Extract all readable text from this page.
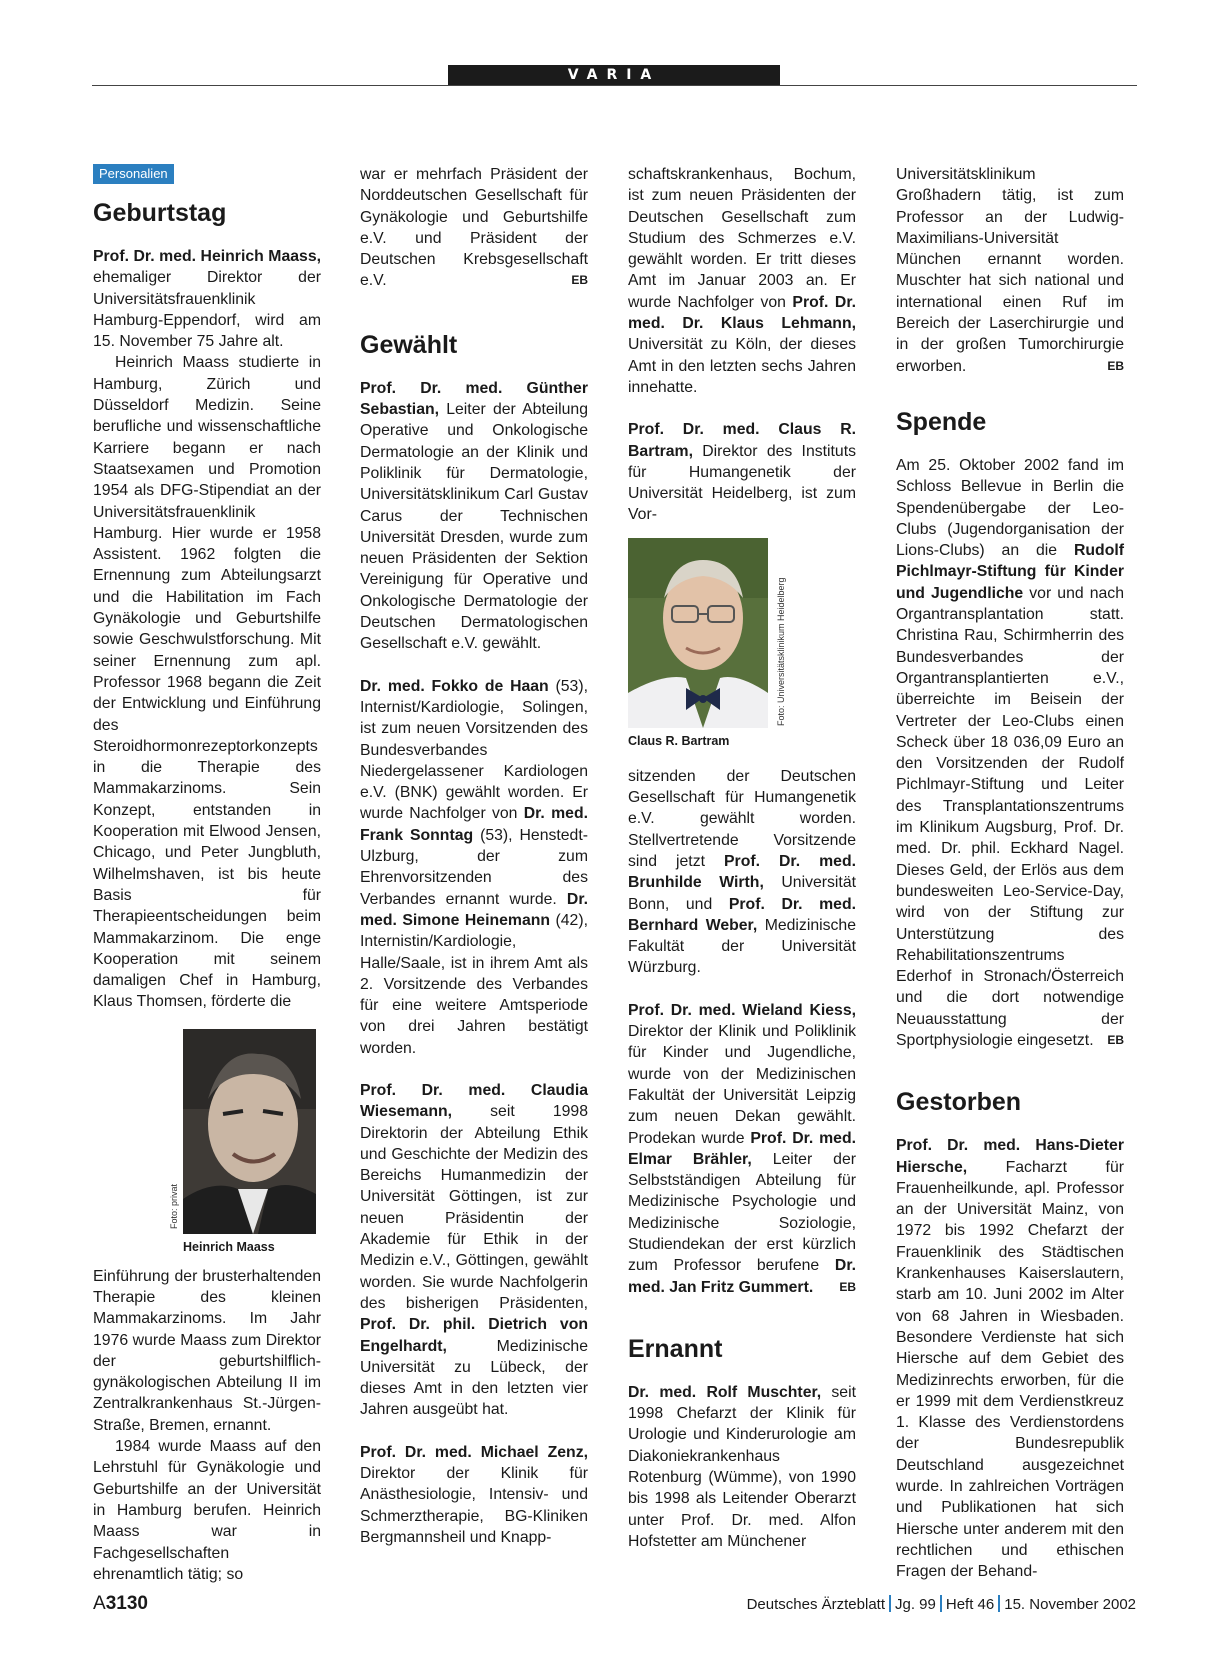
VARIA
Personalien
Geburtstag

Prof. Dr. med. Heinrich Maass, ehemaliger Direktor der Universitätsfrauenklinik Hamburg-Eppendorf, wird am 15. November 75 Jahre alt.

Heinrich Maass studierte in Hamburg, Zürich und Düsseldorf Medizin. Seine berufliche und wissenschaftliche Karriere begann er nach Staatsexamen und Promotion 1954 als DFG-Stipendiat an der Universitätsfrauenklinik Hamburg. Hier wurde er 1958 Assistent. 1962 folgten die Ernennung zum Abteilungsarzt und die Habilitation im Fach Gynäkologie und Geburtshilfe sowie Geschwulstforschung. Mit seiner Ernennung zum apl. Professor 1968 begann die Zeit der Entwicklung und Einführung des Steroidhormonrezeptorkonzepts in die Therapie des Mammakarzinoms. Sein Konzept, entstanden in Kooperation mit Elwood Jensen, Chicago, und Peter Jungbluth, Wilhelmshaven, ist bis heute Basis für Therapieentscheidungen beim Mammakarzinom. Die enge Kooperation mit seinem damaligen Chef in Hamburg, Klaus Thomsen, förderte die

Foto: privat
Heinrich Maass

Einführung der brusterhaltenden Therapie des kleinen Mammakarzinoms. Im Jahr 1976 wurde Maass zum Direktor der geburtshilflich-gynäkologischen Abteilung II im Zentralkrankenhaus St.-Jürgen-Straße, Bremen, ernannt.

1984 wurde Maass auf den Lehrstuhl für Gynäkologie und Geburtshilfe an der Universität in Hamburg berufen. Heinrich Maass war in Fachgesellschaften ehrenamtlich tätig; so

war er mehrfach Präsident der Norddeutschen Gesellschaft für Gynäkologie und Geburtshilfe e.V. und Präsident der Deutschen Krebsgesellschaft e.V.	EB

Gewählt

Prof. Dr. med. Günther Sebastian, Leiter der Abteilung Operative und Onkologische Dermatologie an der Klinik und Poliklinik für Dermatologie, Universitätsklinikum Carl Gustav Carus der Technischen Universität Dresden, wurde zum neuen Präsidenten der Sektion Vereinigung für Operative und Onkologische Dermatologie der Deutschen Dermatologischen Gesellschaft e.V. gewählt.

Dr. med. Fokko de Haan (53), Internist/Kardiologie, Solingen, ist zum neuen Vorsitzenden des Bundesverbandes Niedergelassener Kardiologen e.V. (BNK) gewählt worden. Er wurde Nachfolger von Dr. med. Frank Sonntag (53), Henstedt-Ulzburg, der zum Ehrenvorsitzenden des Verbandes ernannt wurde. Dr. med. Simone Heinemann (42), Internistin/Kardiologie, Halle/Saale, ist in ihrem Amt als 2. Vorsitzende des Verbandes für eine weitere Amtsperiode von drei Jahren bestätigt worden.

Prof. Dr. med. Claudia Wiesemann, seit 1998 Direktorin der Abteilung Ethik und Geschichte der Medizin des Bereichs Humanmedizin der Universität Göttingen, ist zur neuen Präsidentin der Akademie für Ethik in der Medizin e.V., Göttingen, gewählt worden. Sie wurde Nachfolgerin des bisherigen Präsidenten, Prof. Dr. phil. Dietrich von Engelhardt, Medizinische Universität zu Lübeck, der dieses Amt in den letzten vier Jahren ausgeübt hat.

Prof. Dr. med. Michael Zenz, Direktor der Klinik für Anästhesiologie, Intensiv- und Schmerztherapie, BG-Kliniken Bergmannsheil und Knapp-

schaftskrankenhaus, Bochum, ist zum neuen Präsidenten der Deutschen Gesellschaft zum Studium des Schmerzes e.V. gewählt worden. Er tritt dieses Amt im Januar 2003 an. Er wurde Nachfolger von Prof. Dr. med. Dr. Klaus Lehmann, Universität zu Köln, der dieses Amt in den letzten sechs Jahren innehatte.

Prof. Dr. med. Claus R. Bartram, Direktor des Instituts für Humangenetik der Universität Heidelberg, ist zum Vor-

Foto: Universitätsklinikum Heidelberg
Claus R. Bartram

sitzenden der Deutschen Gesellschaft für Humangenetik e.V. gewählt worden. Stellvertretende Vorsitzende sind jetzt Prof. Dr. med. Brunhilde Wirth, Universität Bonn, und Prof. Dr. med. Bernhard Weber, Medizinische Fakultät der Universität Würzburg.

Prof. Dr. med. Wieland Kiess, Direktor der Klinik und Poliklinik für Kinder und Jugendliche, wurde von der Medizinischen Fakultät der Universität Leipzig zum neuen Dekan gewählt. Prodekan wurde Prof. Dr. med. Elmar Brähler, Leiter der Selbstständigen Abteilung für Medizinische Psychologie und Medizinische Soziologie, Studiendekan der erst kürzlich zum Professor berufene Dr. med. Jan Fritz Gummert. EB

Ernannt

Dr. med. Rolf Muschter, seit 1998 Chefarzt der Klinik für Urologie und Kinderurologie am Diakoniekrankenhaus Rotenburg (Wümme), von 1990 bis 1998 als Leitender Oberarzt unter Prof. Dr. med. Alfon Hofstetter am Münchener

Universitätsklinikum Großhadern tätig, ist zum Professor an der Ludwig-Maximilians-Universität München ernannt worden. Muschter hat sich national und international einen Ruf im Bereich der Laserchirurgie und in der großen Tumorchirurgie erworben.	EB

Spende

Am 25. Oktober 2002 fand im Schloss Bellevue in Berlin die Spendenübergabe der Leo-Clubs (Jugendorganisation der Lions-Clubs) an die Rudolf Pichlmayr-Stiftung für Kinder und Jugendliche vor und nach Organtransplantation statt. Christina Rau, Schirmherrin des Bundesverbandes der Organtransplantierten e.V., überreichte im Beisein der Vertreter der Leo-Clubs einen Scheck über 18 036,09 Euro an den Vorsitzenden der Rudolf Pichlmayr-Stiftung und Leiter des Transplantationszentrums im Klinikum Augsburg, Prof. Dr. med. Dr. phil. Eckhard Nagel. Dieses Geld, der Erlös aus dem bundesweiten Leo-Service-Day, wird von der Stiftung zur Unterstützung des Rehabilitationszentrums Ederhof in Stronach/Österreich und die dort notwendige Neuausstattung der Sportphysiologie eingesetzt. EB

Gestorben

Prof. Dr. med. Hans-Dieter Hiersche, Facharzt für Frauenheilkunde, apl. Professor an der Universität Mainz, von 1972 bis 1992 Chefarzt der Frauenklinik des Städtischen Krankenhauses Kaiserslautern, starb am 10. Juni 2002 im Alter von 68 Jahren in Wiesbaden. Besondere Verdienste hat sich Hiersche auf dem Gebiet des Medizinrechts erworben, für die er 1999 mit dem Verdienstkreuz 1. Klasse des Verdienstordens der Bundesrepublik Deutschland ausgezeichnet wurde. In zahlreichen Vorträgen und Publikationen hat sich Hiersche unter anderem mit den rechtlichen und ethischen Fragen der Behand-

A3130	Deutsches Ärzteblatt Jg. 99 Heft 46 15. November 2002
